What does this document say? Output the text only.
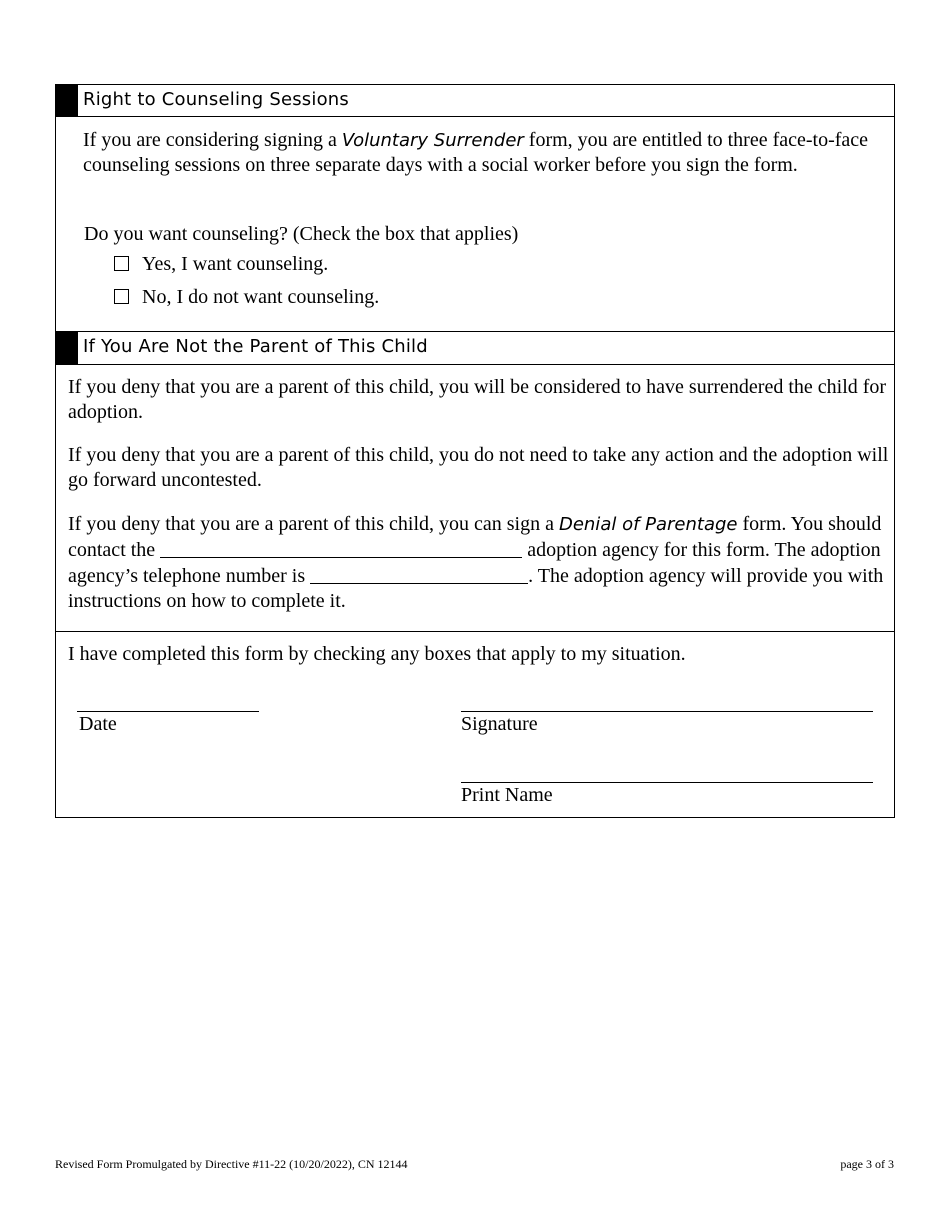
Right to Counseling Sessions
If you are considering signing a Voluntary Surrender form, you are entitled to three face-to-face counseling sessions on three separate days with a social worker before you sign the form.
Do you want counseling? (Check the box that applies)
Yes, I want counseling.
No, I do not want counseling.
If You Are Not the Parent of This Child
If you deny that you are a parent of this child, you will be considered to have surrendered the child for adoption.
If you deny that you are a parent of this child, you do not need to take any action and the adoption will go forward uncontested.
If you deny that you are a parent of this child, you can sign a Denial of Parentage form. You should contact the	adoption agency for this form. The adoption agency’s telephone number is	. The adoption agency will provide you with instructions on how to complete it.
I have completed this form by checking any boxes that apply to my situation.
Date	Signature
Print Name
Revised Form Promulgated by Directive #11-22 (10/20/2022), CN 12144	page 3 of 3
